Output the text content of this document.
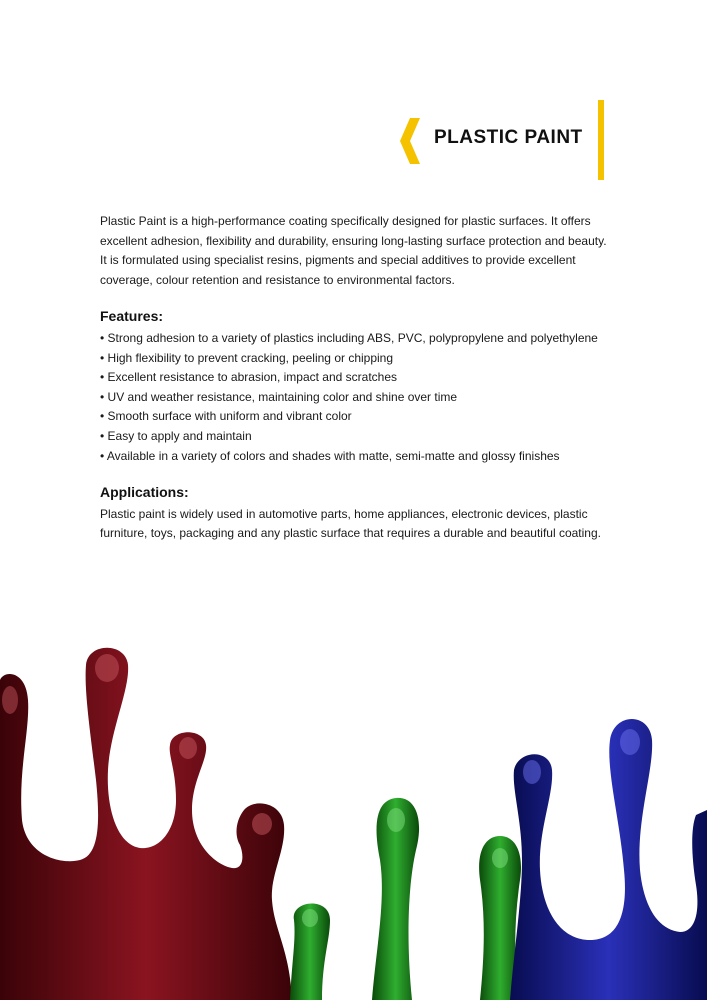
PLASTIC PAINT

Plastic Paint is a high-performance coating specifically designed for plastic surfaces. It offers excellent adhesion, flexibility and durability, ensuring long-lasting surface protection and beauty. It is formulated using specialist resins, pigments and special additives to provide excellent coverage, colour retention and resistance to environmental factors.

Features:
• Strong adhesion to a variety of plastics including ABS, PVC, polypropylene and polyethylene
• High flexibility to prevent cracking, peeling or chipping
• Excellent resistance to abrasion, impact and scratches
• UV and weather resistance, maintaining color and shine over time
• Smooth surface with uniform and vibrant color
• Easy to apply and maintain
• Available in a variety of colors and shades with matte, semi-matte and glossy finishes
Applications:

Plastic paint is widely used in automotive parts, home appliances, electronic devices, plastic furniture, toys, packaging and any plastic surface that requires a durable and beautiful coating.
